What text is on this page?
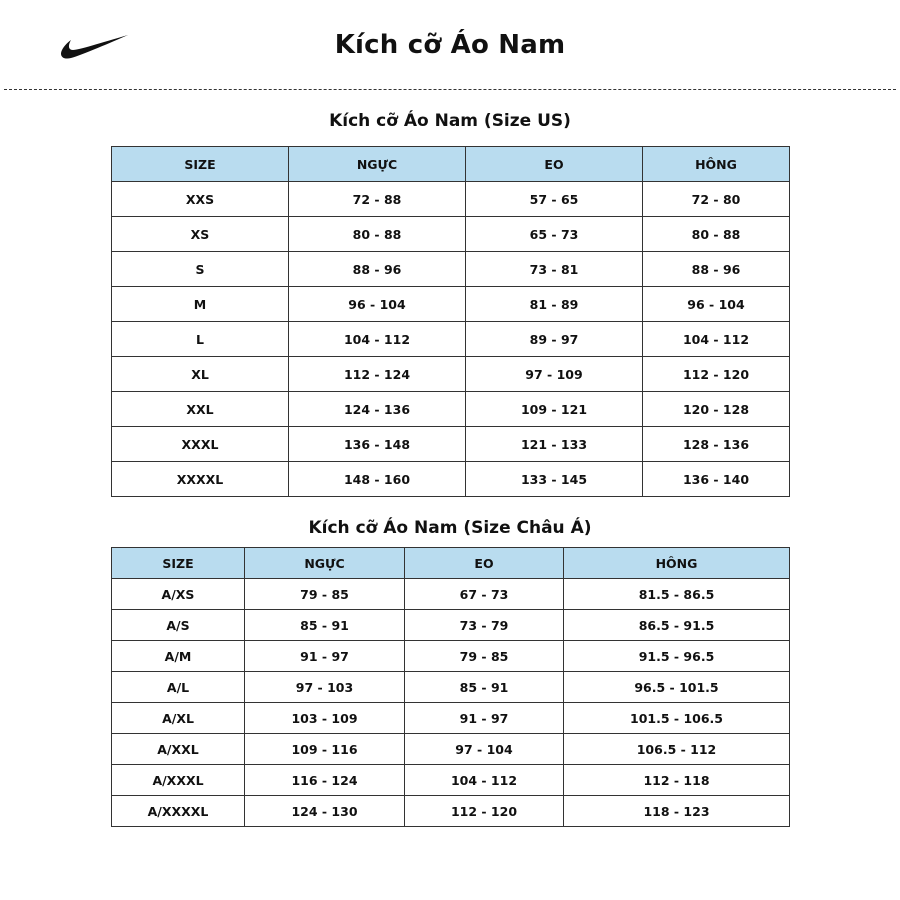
Kích cỡ Áo Nam
Kích cỡ Áo Nam (Size US)
SIZE	NGỰC	EO	HÔNG
XXS	72 - 88	57 - 65	72 - 80
XS	80 - 88	65 - 73	80 - 88
S	88 - 96	73 - 81	88 - 96
M	96 - 104	81 - 89	96 - 104
L	104 - 112	89 - 97	104 - 112
XL	112 - 124	97 - 109	112 - 120
XXL	124 - 136	109 - 121	120 - 128
XXXL	136 - 148	121 - 133	128 - 136
XXXXL	148 - 160	133 - 145	136 - 140
Kích cỡ Áo Nam (Size Châu Á)
SIZE	NGỰC	EO	HÔNG
A/XS	79 - 85	67 - 73	81.5 - 86.5
A/S	85 - 91	73 - 79	86.5 - 91.5
A/M	91 - 97	79 - 85	91.5 - 96.5
A/L	97 - 103	85 - 91	96.5 - 101.5
A/XL	103 - 109	91 - 97	101.5 - 106.5
A/XXL	109 - 116	97 - 104	106.5 - 112
A/XXXL	116 - 124	104 - 112	112 - 118
A/XXXXL	124 - 130	112 - 120	118 - 123
